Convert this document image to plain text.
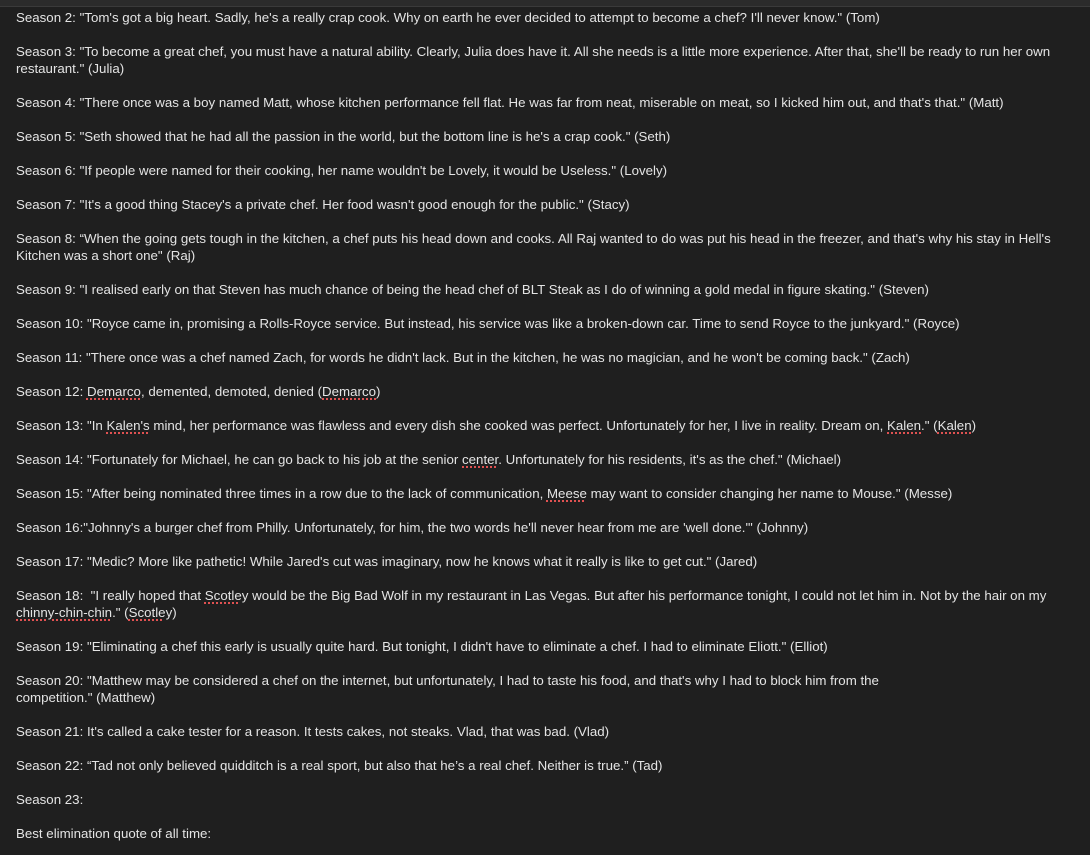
Season 2: "Tom's got a big heart. Sadly, he's a really crap cook. Why on earth he ever decided to attempt to become a chef? I'll never know." (Tom)

Season 3: "To become a great chef, you must have a natural ability. Clearly, Julia does have it. All she needs is a little more experience. After that, she'll be ready to run her own restaurant." (Julia)

Season 4: "There once was a boy named Matt, whose kitchen performance fell flat. He was far from neat, miserable on meat, so I kicked him out, and that's that." (Matt)

Season 5: "Seth showed that he had all the passion in the world, but the bottom line is he's a crap cook." (Seth)

Season 6: "If people were named for their cooking, her name wouldn't be Lovely, it would be Useless." (Lovely)

Season 7: "It's a good thing Stacey's a private chef. Her food wasn't good enough for the public." (Stacy)

Season 8: “When the going gets tough in the kitchen, a chef puts his head down and cooks. All Raj wanted to do was put his head in the freezer, and that's why his stay in Hell's Kitchen was a short one" (Raj)

Season 9: "I realised early on that Steven has much chance of being the head chef of BLT Steak as I do of winning a gold medal in figure skating." (Steven)

Season 10: "Royce came in, promising a Rolls-Royce service. But instead, his service was like a broken-down car. Time to send Royce to the junkyard." (Royce)

Season 11: "There once was a chef named Zach, for words he didn't lack. But in the kitchen, he was no magician, and he won't be coming back." (Zach)

Season 12: Demarco, demented, demoted, denied (Demarco)

Season 13: "In Kalen's mind, her performance was flawless and every dish she cooked was perfect. Unfortunately for her, I live in reality. Dream on, Kalen." (Kalen)

Season 14: "Fortunately for Michael, he can go back to his job at the senior center. Unfortunately for his residents, it's as the chef." (Michael)

Season 15: "After being nominated three times in a row due to the lack of communication, Meese may want to consider changing her name to Mouse." (Messe)

Season 16:"Johnny's a burger chef from Philly. Unfortunately, for him, the two words he'll never hear from me are 'well done.'" (Johnny)

Season 17: "Medic? More like pathetic! While Jared's cut was imaginary, now he knows what it really is like to get cut." (Jared)

Season 18:  "I really hoped that Scotley would be the Big Bad Wolf in my restaurant in Las Vegas. But after his performance tonight, I could not let him in. Not by the hair on my chinny-chin-chin." (Scotley)

Season 19: "Eliminating a chef this early is usually quite hard. But tonight, I didn't have to eliminate a chef. I had to eliminate Eliott." (Elliot)

Season 20: "Matthew may be considered a chef on the internet, but unfortunately, I had to taste his food, and that's why I had to block him from the
competition." (Matthew)

Season 21: It's called a cake tester for a reason. It tests cakes, not steaks. Vlad, that was bad. (Vlad)

Season 22: “Tad not only believed quidditch is a real sport, but also that he’s a real chef. Neither is true.” (Tad)

Season 23:

Best elimination quote of all time:
